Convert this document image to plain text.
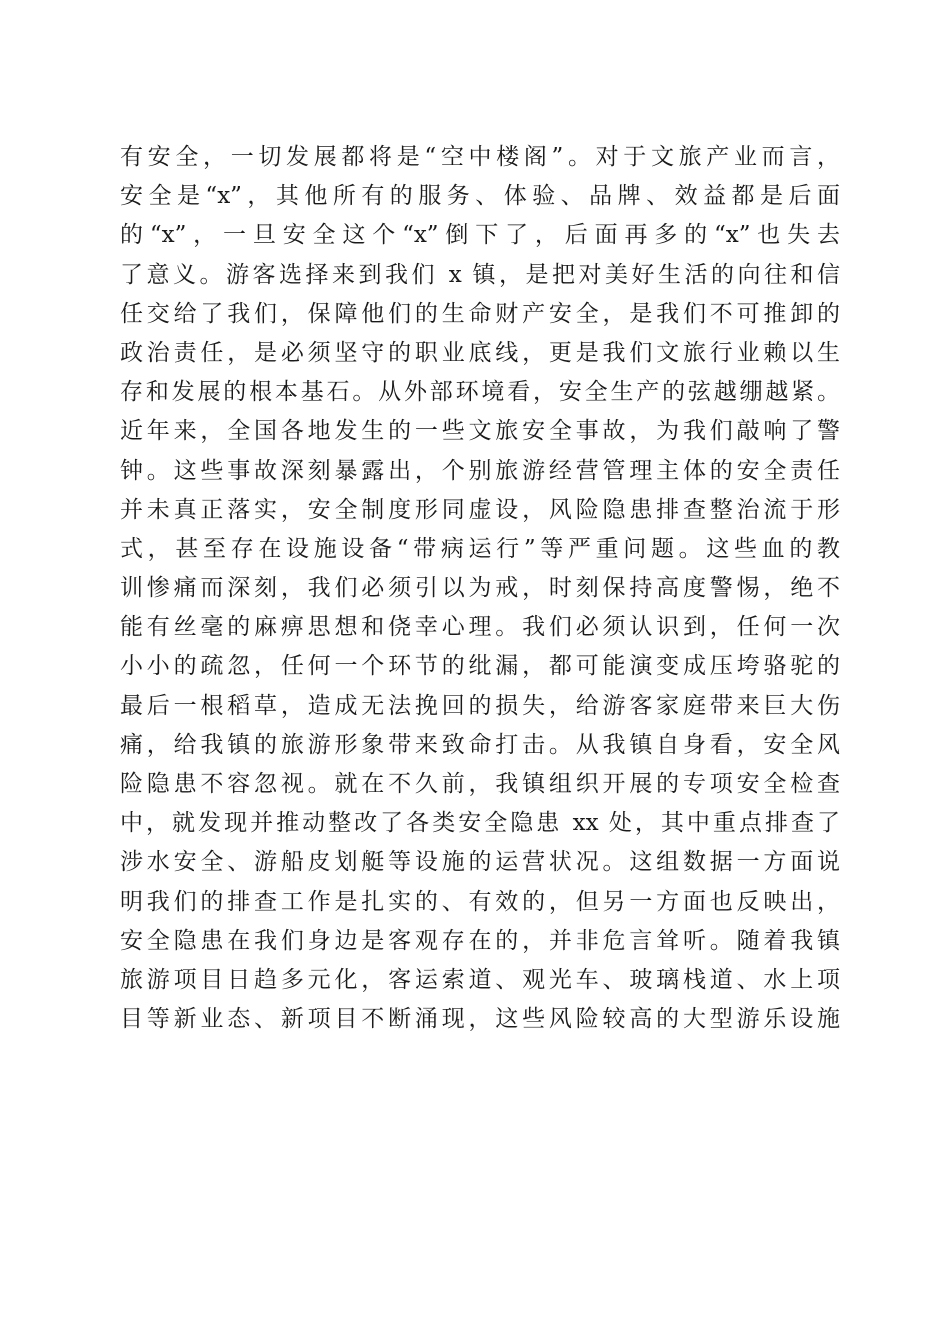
有安全，一切发展都将是“空中楼阁”。对于文旅产业而言，
安全是“x”，其他所有的服务、体验、品牌、效益都是后面
的“x”，一旦安全这个“x”倒下了，后面再多的“x”也失去
了意义。游客选择来到我们 x 镇，是把对美好生活的向往和信
任交给了我们，保障他们的生命财产安全，是我们不可推卸的
政治责任，是必须坚守的职业底线，更是我们文旅行业赖以生
存和发展的根本基石。从外部环境看，安全生产的弦越绷越紧。
近年来，全国各地发生的一些文旅安全事故，为我们敲响了警
钟。这些事故深刻暴露出，个别旅游经营管理主体的安全责任
并未真正落实，安全制度形同虚设，风险隐患排查整治流于形
式，甚至存在设施设备“带病运行”等严重问题。这些血的教
训惨痛而深刻，我们必须引以为戒，时刻保持高度警惕，绝不
能有丝毫的麻痹思想和侥幸心理。我们必须认识到，任何一次
小小的疏忽，任何一个环节的纰漏，都可能演变成压垮骆驼的
最后一根稻草，造成无法挽回的损失，给游客家庭带来巨大伤
痛，给我镇的旅游形象带来致命打击。从我镇自身看，安全风
险隐患不容忽视。就在不久前，我镇组织开展的专项安全检查
中，就发现并推动整改了各类安全隐患 xx 处，其中重点排查了
涉水安全、游船皮划艇等设施的运营状况。这组数据一方面说
明我们的排查工作是扎实的、有效的，但另一方面也反映出，
安全隐患在我们身边是客观存在的，并非危言耸听。随着我镇
旅游项目日趋多元化，客运索道、观光车、玻璃栈道、水上项
目等新业态、新项目不断涌现，这些风险较高的大型游乐设施
